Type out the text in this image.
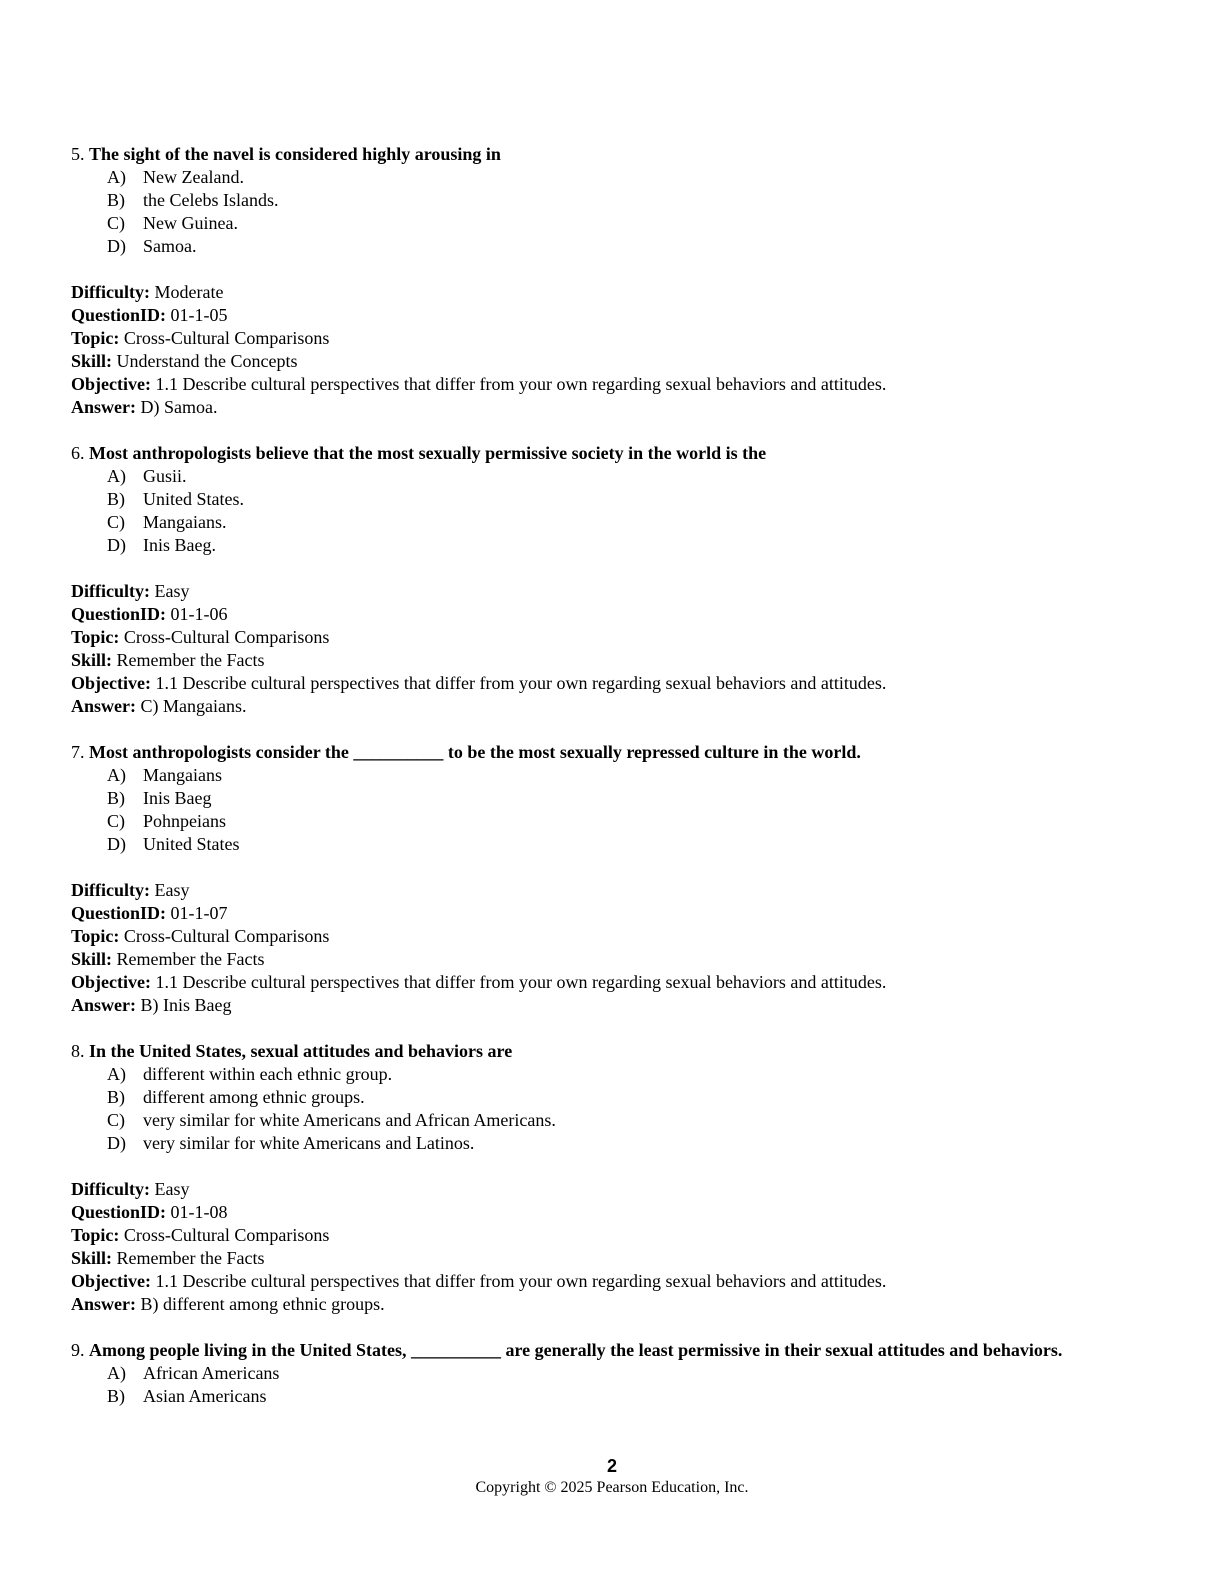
5. The sight of the navel is considered highly arousing in

A) New Zealand.
B) the Celebs Islands.
C) New Guinea.
D) Samoa.

Difficulty: Moderate

QuestionID: 01-1-05

Topic: Cross-Cultural Comparisons

Skill: Understand the Concepts

Objective: 1.1 Describe cultural perspectives that differ from your own regarding sexual behaviors and attitudes.

Answer: D) Samoa.

6. Most anthropologists believe that the most sexually permissive society in the world is the

A) Gusii.
B) United States.
C) Mangaians.
D) Inis Baeg.

Difficulty: Easy

QuestionID: 01-1-06

Topic: Cross-Cultural Comparisons

Skill: Remember the Facts

Objective: 1.1 Describe cultural perspectives that differ from your own regarding sexual behaviors and attitudes.

Answer: C) Mangaians.

7. Most anthropologists consider the __________ to be the most sexually repressed culture in the world.

A) Mangaians
B) Inis Baeg
C) Pohnpeians
D) United States

Difficulty: Easy

QuestionID: 01-1-07

Topic: Cross-Cultural Comparisons

Skill: Remember the Facts

Objective: 1.1 Describe cultural perspectives that differ from your own regarding sexual behaviors and attitudes.

Answer: B) Inis Baeg

8. In the United States, sexual attitudes and behaviors are

A) different within each ethnic group.
B) different among ethnic groups.
C) very similar for white Americans and African Americans.
D) very similar for white Americans and Latinos.

Difficulty: Easy

QuestionID: 01-1-08

Topic: Cross-Cultural Comparisons

Skill: Remember the Facts

Objective: 1.1 Describe cultural perspectives that differ from your own regarding sexual behaviors and attitudes.

Answer: B) different among ethnic groups.

9. Among people living in the United States, __________ are generally the least permissive in their sexual attitudes and behaviors.

A) African Americans
B) Asian Americans
2
Copyright © 2025 Pearson Education, Inc.
